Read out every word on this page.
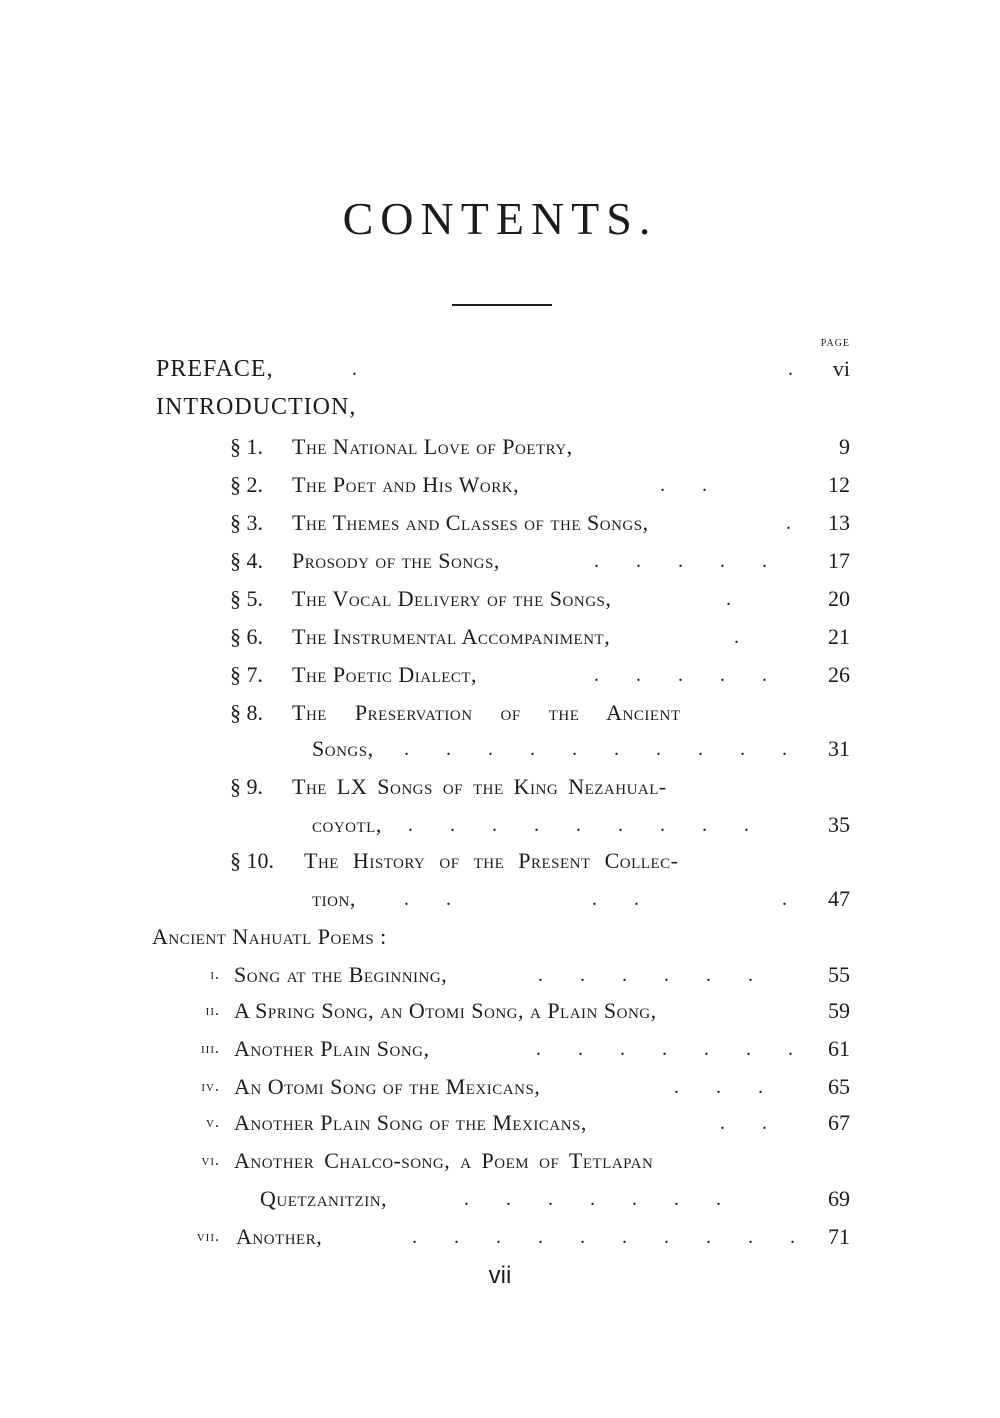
CONTENTS.
PAGE
PREFACE,	.	.	vi
INTRODUCTION,
§ 1. The National Love of Poetry,	9
§ 2. The Poet and His Work,	. .	12
§ 3. The Themes and Classes of the Songs,	. 13
§ 4. Prosody of the Songs,	. . . . .	17
§ 5. The Vocal Delivery of the Songs,	.	20
§ 6. The Instrumental Accompaniment,	.	21
§ 7. The Poetic Dialect,	. . . . .	26
§ 8. The Preservation of the Ancient
Songs, . . . . . . . . . .	31
§ 9. The LX Songs of the King Nezahual-
coyotl, . . . . . . . . .	35
§ 10. The History of the Present Collec-
tion, . .	. .	.	47
Ancient Nahuatl Poems :
i. Song at the Beginning,	. . . . . .	55
ii. A Spring Song, an Otomi Song, a Plain Song,	59
iii. Another Plain Song,	. . . . . . . 61
iv. An Otomi Song of the Mexicans,	. . .	65
v. Another Plain Song of the Mexicans,	. .	67
vi. Another Chalco-song, a Poem of Tetlapan
Quetzanitzin,	. . . . . . .	69
vii. Another,	. . . . . . . . . . 71
vii
